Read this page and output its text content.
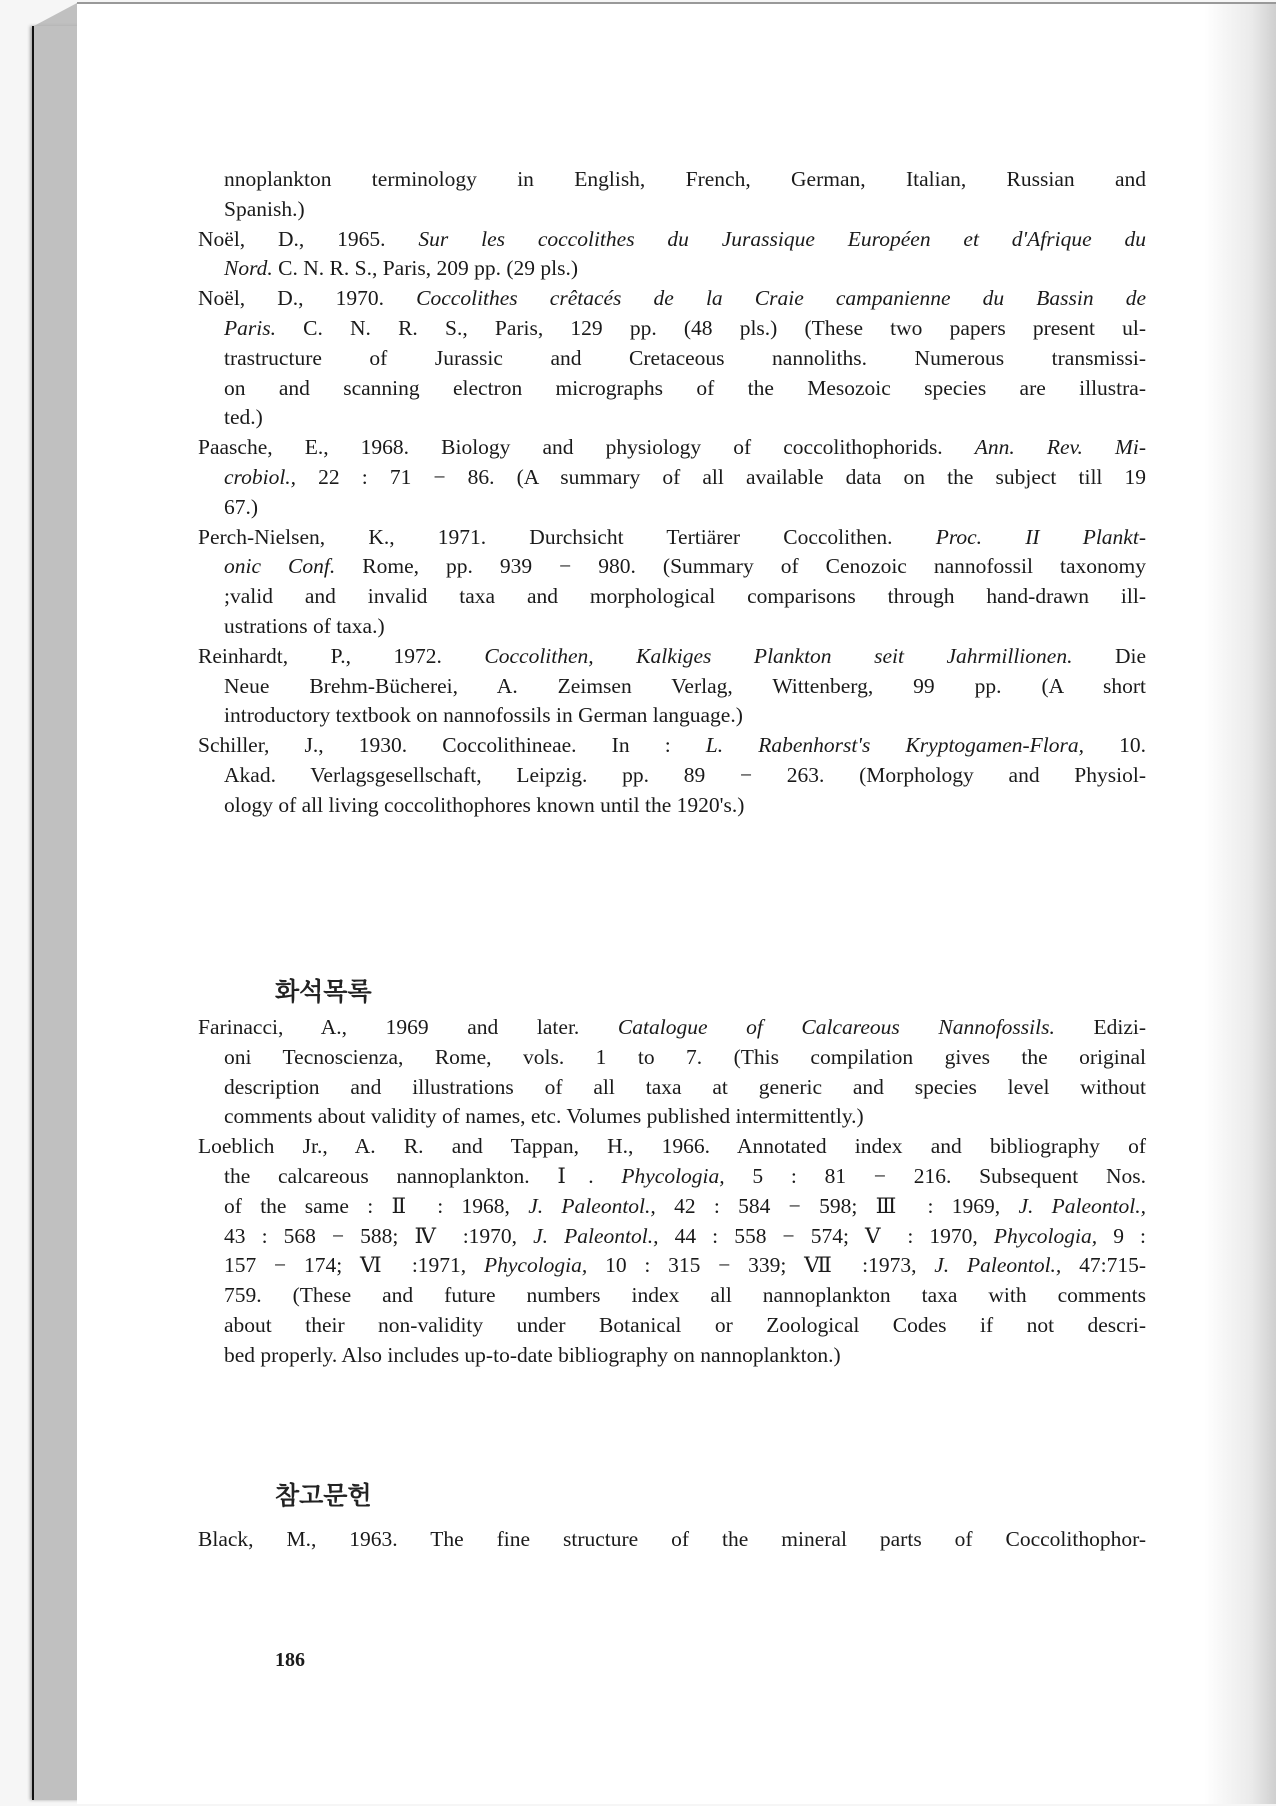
nnoplankton terminology in English, French, German, Italian, Russian and
Spanish.)
Noël, D., 1965. Sur les coccolithes du Jurassique Européen et d'Afrique du
Nord. C. N. R. S., Paris, 209 pp. (29 pls.)
Noël, D., 1970. Coccolithes crêtacés de la Craie campanienne du Bassin de
Paris. C. N. R. S., Paris, 129 pp. (48 pls.) (These two papers present ul-
trastructure of Jurassic and Cretaceous nannoliths. Numerous transmissi-
on and scanning electron micrographs of the Mesozoic species are illustra-
ted.)
Paasche, E., 1968. Biology and physiology of coccolithophorids. Ann. Rev. Mi-
crobiol., 22 : 71 − 86. (A summary of all available data on the subject till 19
67.)
Perch-Nielsen, K., 1971. Durchsicht Tertiärer Coccolithen. Proc. II Plankt-
onic Conf. Rome, pp. 939 − 980. (Summary of Cenozoic nannofossil taxonomy
;valid and invalid taxa and morphological comparisons through hand-drawn ill-
ustrations of taxa.)
Reinhardt, P., 1972. Coccolithen, Kalkiges Plankton seit Jahrmillionen. Die
Neue Brehm-Bücherei, A. Zeimsen Verlag, Wittenberg, 99 pp. (A short
introductory textbook on nannofossils in German language.)
Schiller, J., 1930. Coccolithineae. In : L. Rabenhorst's Kryptogamen-Flora, 10.
Akad. Verlagsgesellschaft, Leipzig. pp. 89 − 263. (Morphology and Physiol-
ology of all living coccolithophores known until the 1920's.)
Farinacci, A., 1969 and later. Catalogue of Calcareous Nannofossils. Edizi-
oni Tecnoscienza, Rome, vols. 1 to 7. (This compilation gives the original
description and illustrations of all taxa at generic and species level without
comments about validity of names, etc. Volumes published intermittently.)
Loeblich Jr., A. R. and Tappan, H., 1966. Annotated index and bibliography of
the calcareous nannoplankton. Ⅰ. Phycologia, 5 : 81 − 216. Subsequent Nos.
of the same : Ⅱ : 1968, J. Paleontol., 42 : 584 − 598; Ⅲ : 1969, J. Paleontol.,
43 : 568 − 588; Ⅳ :1970, J. Paleontol., 44 : 558 − 574; Ⅴ : 1970, Phycologia, 9 :
157 − 174; Ⅵ :1971, Phycologia, 10 : 315 − 339; Ⅶ :1973, J. Paleontol., 47:715-
759. (These and future numbers index all nannoplankton taxa with comments
about their non-validity under Botanical or Zoological Codes if not descri-
bed properly. Also includes up-to-date bibliography on nannoplankton.)
Black, M., 1963. The fine structure of the mineral parts of Coccolithophor-
화석목록
참고문헌
186
